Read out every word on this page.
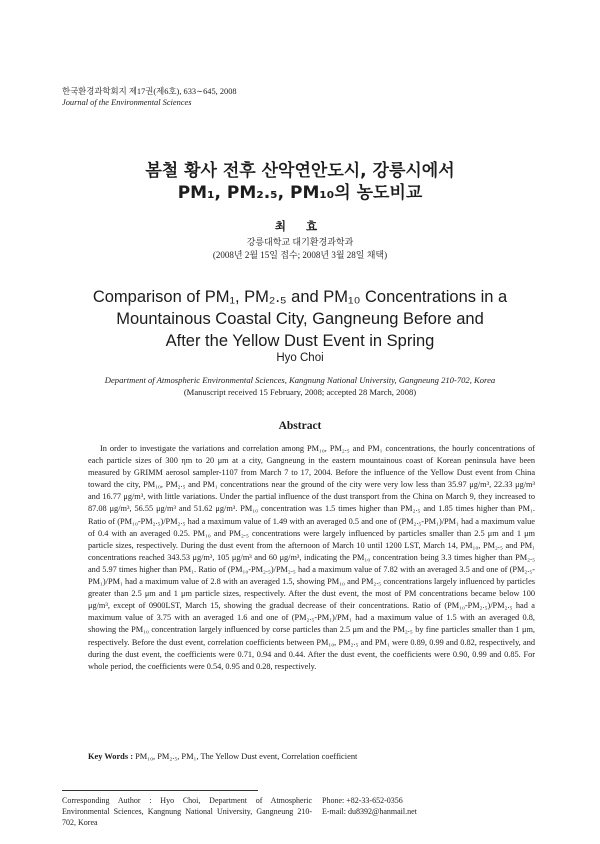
한국환경과학회지 제17권(제6호), 633∼645, 2008
Journal of the Environmental Sciences
봄철 황사 전후 산악연안도시, 강릉시에서
PM₁, PM₂.₅, PM₁₀의 농도비교
최 효
강릉대학교 대기환경과학과
(2008년 2월 15일 접수; 2008년 3월 28일 채택)
Comparison of PM₁, PM₂.₅ and PM₁₀ Concentrations in a
Mountainous Coastal City, Gangneung Before and
After the Yellow Dust Event in Spring
Hyo Choi
Department of Atmospheric Environmental Sciences, Kangnung National University, Gangneung 210-702, Korea
(Manuscript received 15 February, 2008; accepted 28 March, 2008)
Abstract

In order to investigate the variations and correlation among PM₁₀, PM₂.₅ and PM₁ concentrations, the hourly concentrations of each particle sizes of 300 ηm to 20 μm at a city, Gangneung in the eastern mountainous coast of Korean peninsula have been measured by GRIMM aerosol sampler-1107 from March 7 to 17, 2004. Before the influence of the Yellow Dust event from China toward the city, PM₁₀, PM₂.₅ and PM₁ concentrations near the ground of the city were very low less than 35.97 μg/m³, 22.33 μg/m³ and 16.77 μg/m³, with little variations. Under the partial influence of the dust transport from the China on March 9, they increased to 87.08 μg/m³, 56.55 μg/m³ and 51.62 μg/m³. PM₁₀ concentration was 1.5 times higher than PM₂.₅ and 1.85 times higher than PM₁. Ratio of (PM₁₀-PM₂.₅)/PM₂.₅ had a maximum value of 1.49 with an averaged 0.5 and one of (PM₂.₅-PM₁)/PM₁ had a maximum value of 0.4 with an averaged 0.25. PM₁₀ and PM₂.₅ concentrations were largely influenced by particles smaller than 2.5 μm and 1 μm particle sizes, respectively. During the dust event from the afternoon of March 10 until 1200 LST, March 14, PM₁₀, PM₂.₅ and PM₁ concentrations reached 343.53 μg/m³, 105 μg/m³ and 60 μg/m³, indicating the PM₁₀ concentration being 3.3 times higher than PM₂.₅ and 5.97 times higher than PM₁. Ratio of (PM₁₀-PM₂.₅)/PM₂.₅ had a maximum value of 7.82 with an averaged 3.5 and one of (PM₂.₅-PM₁)/PM₁ had a maximum value of 2.8 with an averaged 1.5, showing PM₁₀ and PM₂.₅ concentrations largely influenced by particles greater than 2.5 μm and 1 μm particle sizes, respectively. After the dust event, the most of PM concentrations became below 100 μg/m³, except of 0900LST, March 15, showing the gradual decrease of their concentrations. Ratio of (PM₁₀-PM₂.₅)/PM₂.₅ had a maximum value of 3.75 with an averaged 1.6 and one of (PM₂.₅-PM₁)/PM₁ had a maximum value of 1.5 with an averaged 0.8, showing the PM₁₀ concentration largely influenced by corse particles than 2.5 μm and the PM₂.₅ by fine particles smaller than 1 μm, respectively. Before the dust event, correlation coefficients between PM₁₀, PM₂.₅ and PM₁ were 0.89, 0.99 and 0.82, respectively, and during the dust event, the coefficients were 0.71, 0.94 and 0.44. After the dust event, the coefficients were 0.90, 0.99 and 0.85. For whole period, the coefficients were 0.54, 0.95 and 0.28, respectively.

Key Words : PM₁₀, PM₂.₅, PM₁, The Yellow Dust event, Correlation coefficient
Corresponding Author : Hyo Choi, Department of Atmospheric Environmental Sciences, Kangnung National University, Gangneung 210-702, Korea
Phone: +82-33-652-0356
E-mail: du8392@hanmail.net
